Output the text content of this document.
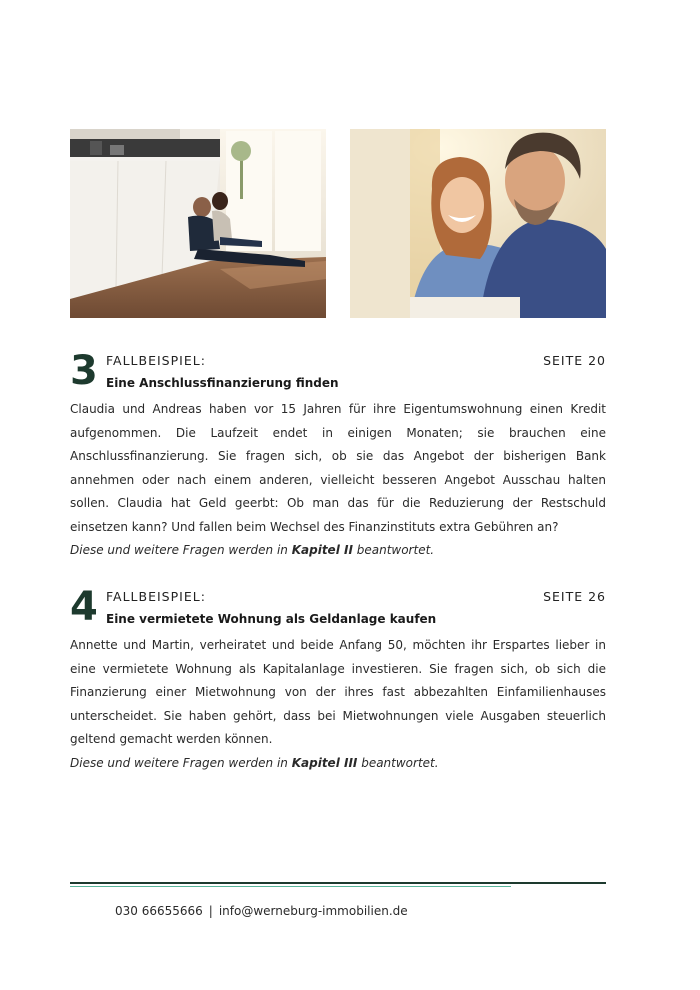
3 FALLBEISPIEL:	SEITE 20
Eine Anschlussfinanzierung finden
Claudia und Andreas haben vor 15 Jahren für ihre Eigentumswohnung einen Kredit aufgenommen. Die Laufzeit endet in einigen Monaten; sie brauchen eine Anschlussfinanzierung. Sie fragen sich, ob sie das Angebot der bisherigen Bank annehmen oder nach einem anderen, vielleicht besseren Angebot Ausschau halten sollen. Claudia hat Geld geerbt: Ob man das für die Reduzierung der Restschuld einsetzen kann? Und fallen beim Wechsel des Finanzinstituts extra Gebühren an?
Diese und weitere Fragen werden in Kapitel II beantwortet.
4 FALLBEISPIEL:	SEITE 26
Eine vermietete Wohnung als Geldanlage kaufen
Annette und Martin, verheiratet und beide Anfang 50, möchten ihr Erspartes lieber in eine vermietete Wohnung als Kapitalanlage investieren. Sie fragen sich, ob sich die Finanzierung einer Mietwohnung von der ihres fast abbezahlten Einfamilienhauses unterscheidet. Sie haben gehört, dass bei Mietwohnungen viele Ausgaben steuerlich geltend gemacht werden können.
Diese und weitere Fragen werden in Kapitel III beantwortet.
030 66655666 | info@werneburg-immobilien.de
